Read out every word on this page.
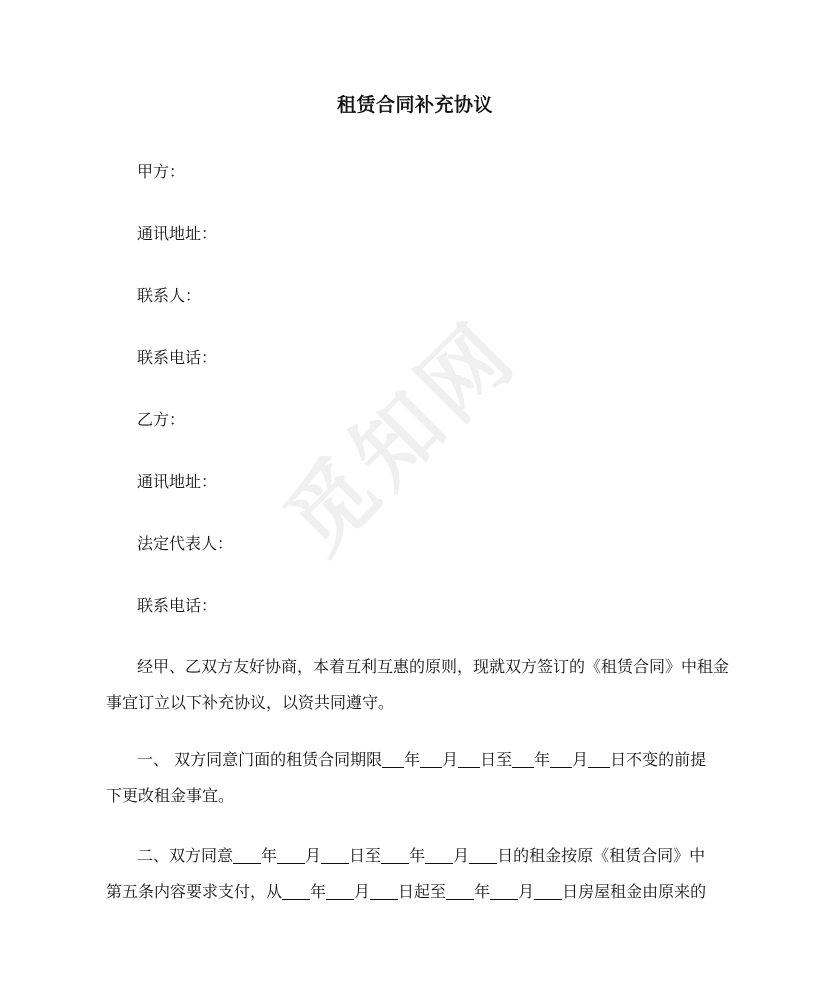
觅知网
租赁合同补充协议
甲方：
通讯地址：
联系人：
联系电话：
乙方：
通讯地址：
法定代表人：
联系电话：
经甲、乙双方友好协商，本着互利互惠的原则，现就双方签订的《租赁合同》中租金
事宜订立以下补充协议，以资共同遵守。
一、 双方同意门面的租赁合同期限 年 月 日至 年 月 日不变的前提
下更改租金事宜。
二、双方同意 年 月 日至 年 月 日的租金按原《租赁合同》中
第五条内容要求支付，从 年 月 日起至 年 月 日房屋租金由原来的
